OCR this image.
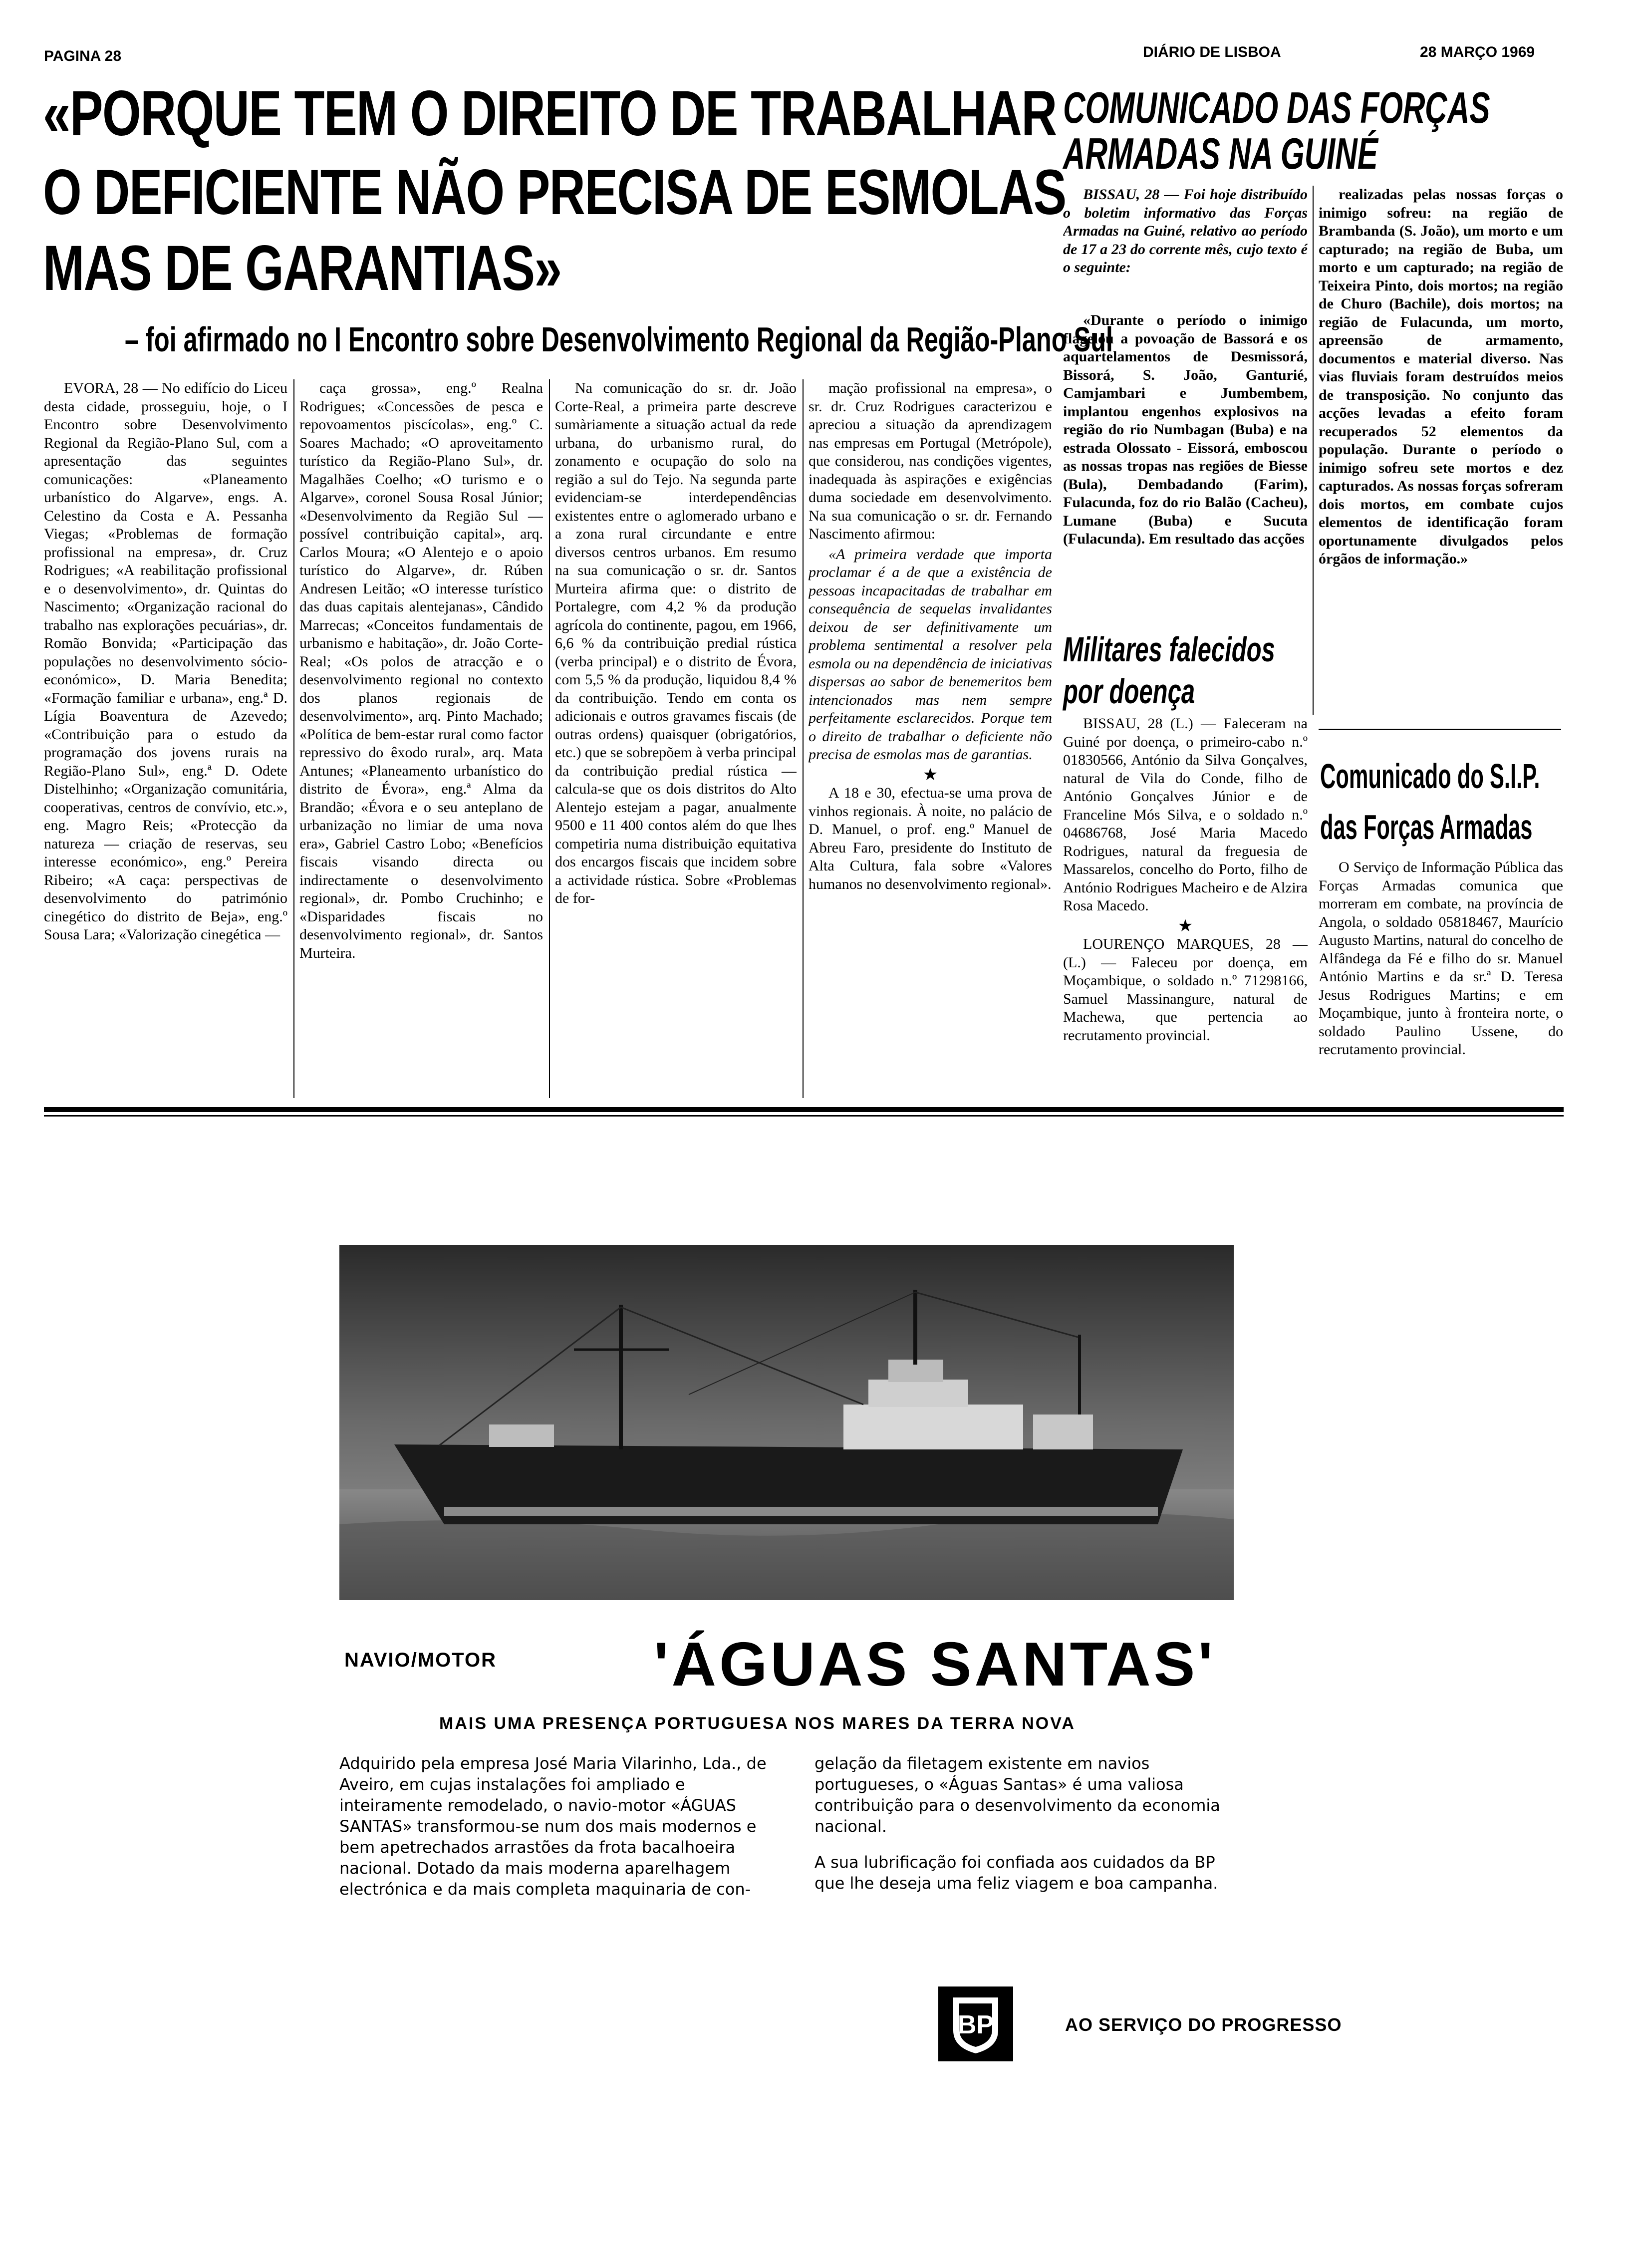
PAGINA 28	DIÁRIO DE LISBOA	28 MARÇO 1969
«PORQUE TEM O DIREITO DE TRABALHAR
O DEFICIENTE NÃO PRECISA DE ESMOLAS
MAS DE GARANTIAS»
– foi afirmado no I Encontro sobre Desenvolvimento Regional da Região-Plano Sul

EVORA, 28 — No edifício do Liceu desta cidade, prosseguiu, hoje, o I Encontro sobre Desenvolvimento Regional da Região-Plano Sul, com a apresentação das seguintes comunicações: «Planeamento urbanístico do Algarve», engs. A. Celestino da Costa e A. Pessanha Viegas; «Problemas de formação profissional na empresa», dr. Cruz Rodrigues; «A reabilitação profissional e o desenvolvimento», dr. Quintas do Nascimento; «Organização racional do trabalho nas explorações pecuárias», dr. Romão Bonvida; «Participação das populações no desenvolvimento sócio-económico», D. Maria Benedita; «Formação familiar e urbana», eng.ª D. Lígia Boaventura de Azevedo; «Contribuição para o estudo da programação dos jovens rurais na Região-Plano Sul», eng.ª D. Odete Distelhinho; «Organização comunitária, cooperativas, centros de convívio, etc.», eng. Magro Reis; «Protecção da natureza — criação de reservas, seu interesse económico», eng.º Pereira Ribeiro; «A caça: perspectivas de desenvolvimento do património cinegético do distrito de Beja», eng.º Sousa Lara; «Valorização cinegética —

caça grossa», eng.º Realna Rodrigues; «Concessões de pesca e repovoamentos piscícolas», eng.º C. Soares Machado; «O aproveitamento turístico da Região-Plano Sul», dr. Magalhães Coelho; «O turismo e o Algarve», coronel Sousa Rosal Júnior; «Desenvolvimento da Região Sul — possível contribuição capital», arq. Carlos Moura; «O Alentejo e o apoio turístico do Algarve», dr. Rúben Andresen Leitão; «O interesse turístico das duas capitais alentejanas», Cândido Marrecas; «Conceitos fundamentais de urbanismo e habitação», dr. João Corte-Real; «Os polos de atracção e o desenvolvimento regional no contexto dos planos regionais de desenvolvimento», arq. Pinto Machado; «Política de bem-estar rural como factor repressivo do êxodo rural», arq. Mata Antunes; «Planeamento urbanístico do distrito de Évora», eng.ª Alma da Brandão; «Évora e o seu anteplano de urbanização no limiar de uma nova era», Gabriel Castro Lobo; «Benefícios fiscais visando directa ou indirectamente o desenvolvimento regional», dr. Pombo Cruchinho; e «Disparidades fiscais no desenvolvimento regional», dr. Santos Murteira.

Na comunicação do sr. dr. João Corte-Real, a primeira parte descreve sumàriamente a situação actual da rede urbana, do urbanismo rural, do zonamento e ocupação do solo na região a sul do Tejo. Na segunda parte evidenciam-se interdependências existentes entre o aglomerado urbano e a zona rural circundante e entre diversos centros urbanos. Em resumo na sua comunicação o sr. dr. Santos Murteira afirma que: o distrito de Portalegre, com 4,2 % da produção agrícola do continente, pagou, em 1966, 6,6 % da contribuição predial rústica (verba principal) e o distrito de Évora, com 5,5 % da produção, liquidou 8,4 % da contribuição. Tendo em conta os adicionais e outros gravames fiscais (de outras ordens) quaisquer (obrigatórios, etc.) que se sobrepõem à verba principal da contribuição predial rústica — calcula-se que os dois distritos do Alto Alentejo estejam a pagar, anualmente 9500 e 11 400 contos além do que lhes competiria numa distribuição equitativa dos encargos fiscais que incidem sobre a actividade rústica. Sobre «Problemas de for-

mação profissional na empresa», o sr. dr. Cruz Rodrigues caracterizou e apreciou a situação da aprendizagem nas empresas em Portugal (Metrópole), que considerou, nas condições vigentes, inadequada às aspirações e exigências duma sociedade em desenvolvimento. Na sua comunicação o sr. dr. Fernando Nascimento afirmou:

«A primeira verdade que importa proclamar é a de que a existência de pessoas incapacitadas de trabalhar em consequência de sequelas invalidantes deixou de ser definitivamente um problema sentimental a resolver pela esmola ou na dependência de iniciativas dispersas ao sabor de benemeritos bem intencionados mas nem sempre perfeitamente esclarecidos. Porque tem o direito de trabalhar o deficiente não precisa de esmolas mas de garantias.

★

A 18 e 30, efectua-se uma prova de vinhos regionais. À noite, no palácio de D. Manuel, o prof. eng.º Manuel de Abreu Faro, presidente do Instituto de Alta Cultura, fala sobre «Valores humanos no desenvolvimento regional».

COMUNICADO DAS FORÇAS
ARMADAS NA GUINÉ

BISSAU, 28 — Foi hoje distribuído o boletim informativo das Forças Armadas na Guiné, relativo ao período de 17 a 23 do corrente mês, cujo texto é o seguinte:

«Durante o período o inimigo flagelou a povoação de Bassorá e os aquartelamentos de Desmissorá, Bissorá, S. João, Ganturié, Camjambari e Jumbembem, implantou engenhos explosivos na região do rio Numbagan (Buba) e na estrada Olossato - Eissorá, emboscou as nossas tropas nas regiões de Biesse (Bula), Dembadando (Farim), Fulacunda, foz do rio Balão (Cacheu), Lumane (Buba) e Sucuta (Fulacunda). Em resultado das acções

realizadas pelas nossas forças o inimigo sofreu: na região de Brambanda (S. João), um morto e um capturado; na região de Buba, um morto e um capturado; na região de Teixeira Pinto, dois mortos; na região de Churo (Bachile), dois mortos; na região de Fulacunda, um morto, apreensão de armamento, documentos e material diverso. Nas vias fluviais foram destruídos meios de transposição. No conjunto das acções levadas a efeito foram recuperados 52 elementos da população. Durante o período o inimigo sofreu sete mortos e dez capturados. As nossas forças sofreram dois mortos, em combate cujos elementos de identificação foram oportunamente divulgados pelos órgãos de informação.»

Militares falecidos
por doença

BISSAU, 28 (L.) — Faleceram na Guiné por doença, o primeiro-cabo n.º 01830566, António da Silva Gonçalves, natural de Vila do Conde, filho de António Gonçalves Júnior e de Franceline Mós Silva, e o soldado n.º 04686768, José Maria Macedo Rodrigues, natural da freguesia de Massarelos, concelho do Porto, filho de António Rodrigues Macheiro e de Alzira Rosa Macedo.

★

LOURENÇO MARQUES, 28 — (L.) — Faleceu por doença, em Moçambique, o soldado n.º 71298166, Samuel Massinangure, natural de Machewa, que pertencia ao recrutamento provincial.

Comunicado do S.I.P.
das Forças Armadas

O Serviço de Informação Pública das Forças Armadas comunica que morreram em combate, na província de Angola, o soldado 05818467, Maurício Augusto Martins, natural do concelho de Alfândega da Fé e filho do sr. Manuel António Martins e da sr.ª D. Teresa Jesus Rodrigues Martins; e em Moçambique, junto à fronteira norte, o soldado Paulino Ussene, do recrutamento provincial.

NAVIO/MOTOR	'ÁGUAS SANTAS'
MAIS UMA PRESENÇA PORTUGUESA NOS MARES DA TERRA NOVA

Adquirido pela empresa José Maria Vilarinho, Lda., de Aveiro, em cujas instalações foi ampliado e inteiramente remodelado, o navio-motor «ÁGUAS SANTAS» transformou-se num dos mais modernos e bem apetrechados arrastões da frota bacalhoeira nacional. Dotado da mais moderna aparelhagem electrónica e da mais completa maquinaria de con-

gelação da filetagem existente em navios portugueses, o «Águas Santas» é uma valiosa contribuição para o desenvolvimento da economia nacional.

A sua lubrificação foi confiada aos cuidados da BP que lhe deseja uma feliz viagem e boa campanha.

BP	AO SERVIÇO DO PROGRESSO
